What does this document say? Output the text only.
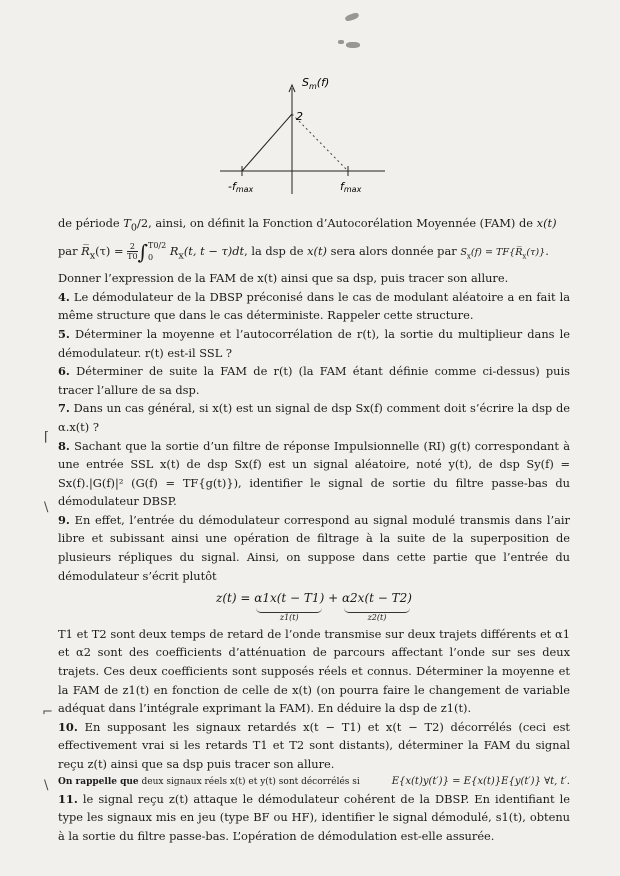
$S_m(f)$
2
-fmax	fmax
⌈
\
⌐
\

de période $T_0/2$, ainsi, on définit la Fonction d’Autocorélation Moyennée (FAM) de x(t)

par $R̅_x(\tau) = \frac{2}{T0}$ ∫ T0/2
0	$R_x(t$, t − τ)dt, la dsp de x(t) sera alors donnée par $S_x(f)$ = $TF\{R̅_x(\tau)\}$.

Donner l’expression de la FAM de x(t) ainsi que sa dsp, puis tracer son allure.

4. Le démodulateur de la DBSP préconisé dans le cas de modulant aléatoire a en fait la même structure que dans le cas déterministe. Rappeler cette structure.

5. Déterminer la moyenne et l’autocorrélation de r(t), la sortie du multiplieur dans le démodulateur. r(t) est-il SSL ?

6. Déterminer de suite la FAM de r(t) (la FAM étant définie comme ci-dessus) puis tracer l’allure de sa dsp.

7. Dans un cas général, si x(t) est un signal de dsp Sx(f) comment doit s’écrire la dsp de α.x(t) ?

8. Sachant que la sortie d’un filtre de réponse Impulsionnelle (RI) g(t) correspondant à une entrée SSL x(t) de dsp Sx(f) est un signal aléatoire, noté y(t), de dsp Sy(f) = Sx(f).|G(f)|² (G(f) = TF{g(t)}), identifier le signal de sortie du filtre passe-bas du démodulateur DBSP.

9. En effet, l’entrée du démodulateur correspond au signal modulé transmis dans l’air libre et subissant ainsi une opération de filtrage à la suite de la superposition de plusieurs répliques du signal. Ainsi, on suppose dans cette partie que l’entrée du démodulateur s’écrit plutôt

z(t) = α1x(t − T1)
z1(t)
+ α2x(t − T2)
z2(t)

T1 et T2 sont deux temps de retard de l’onde transmise sur deux trajets différents et α1 et α2 sont des coefficients d’atténuation de parcours affectant l’onde sur ses deux trajets. Ces deux coefficients sont supposés réels et connus. Déterminer la moyenne et la FAM de z1(t) en fonction de celle de x(t) (on pourra faire le changement de variable adéquat dans l’intégrale exprimant la FAM). En déduire la dsp de z1(t).

10. En supposant les signaux retardés x(t − T1) et x(t − T2) décorrélés (ceci est effectivement vrai si les retards T1 et T2 sont distants), déterminer la FAM du signal reçu z(t) ainsi que sa dsp puis tracer son allure.

On rappelle que deux signaux réels x(t) et y(t) sont décorrélés si	E{x(t)y(t′)} = E{x(t)}E{y(t′)} ∀t, t′.

11. le signal reçu z(t) attaque le démodulateur cohérent de la DBSP. En identifiant le type les signaux mis en jeu (type BF ou HF), identifier le signal démodulé, s1(t), obtenu à la sortie du filtre passe-bas. L’opération de démodulation est-elle assurée.
